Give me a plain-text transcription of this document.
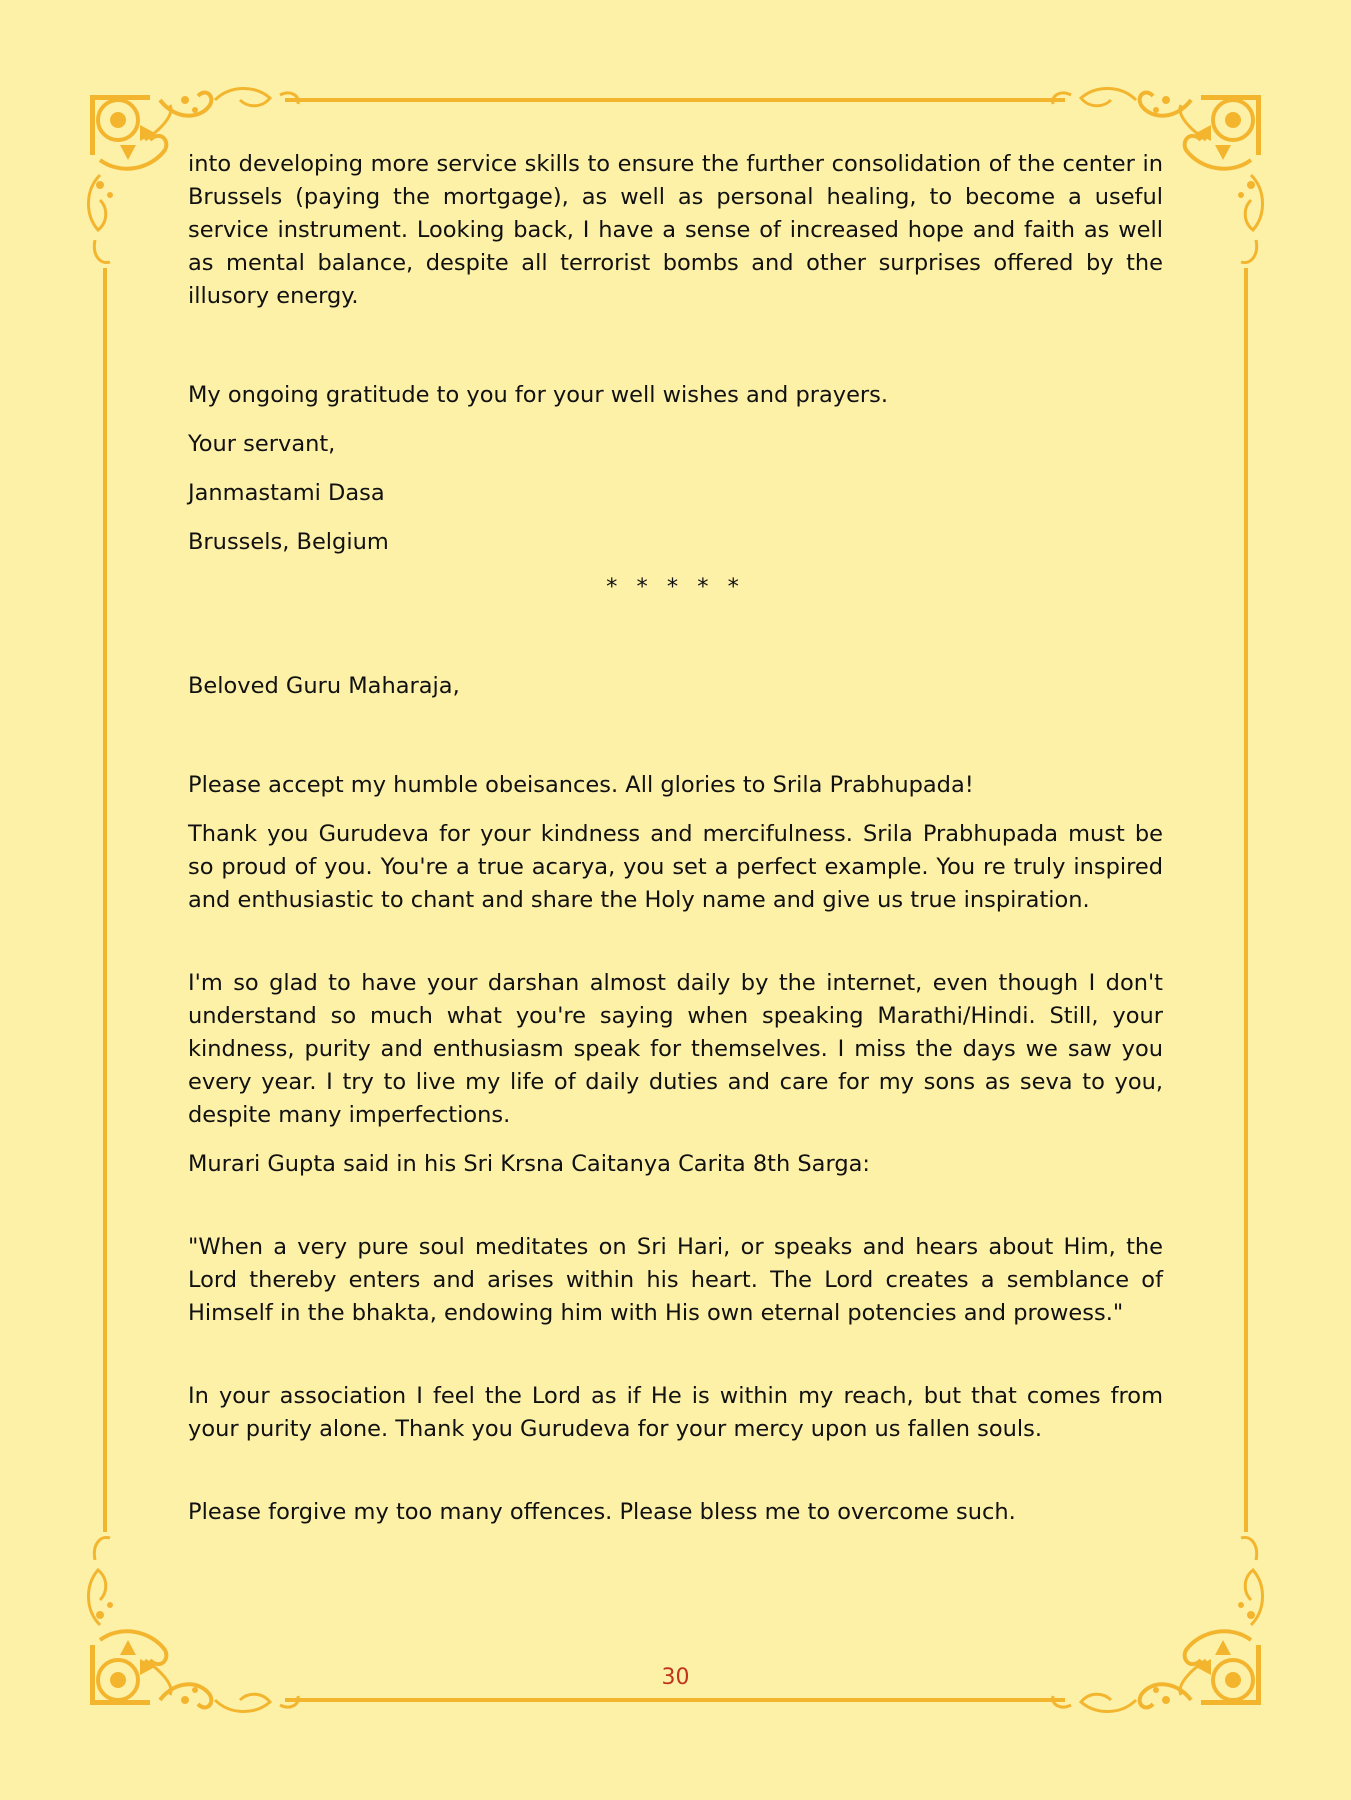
into developing more service skills to ensure the further consolidation of the center in Brussels (paying the mortgage), as well as personal healing, to become a useful service instrument. Looking back, I have a sense of increased hope and faith as well as mental balance, despite all terrorist bombs and other surprises offered by the illusory energy.

My ongoing gratitude to you for your well wishes and prayers.

Your servant,

Janmastami Dasa

Brussels, Belgium

* * * * *

Beloved Guru Maharaja,

Please accept my humble obeisances. All glories to Srila Prabhupada!

Thank you Gurudeva for your kindness and mercifulness. Srila Prabhupada must be so proud of you. You're a true acarya, you set a perfect example. You re truly inspired and enthusiastic to chant and share the Holy name and give us true inspiration.

I'm so glad to have your darshan almost daily by the internet, even though I don't understand so much what you're saying when speaking Marathi/Hindi. Still, your kindness, purity and enthusiasm speak for themselves. I miss the days we saw you every year. I try to live my life of daily duties and care for my sons as seva to you, despite many imperfections.

Murari Gupta said in his Sri Krsna Caitanya Carita 8th Sarga:

"When a very pure soul meditates on Sri Hari, or speaks and hears about Him, the Lord thereby enters and arises within his heart. The Lord creates a semblance of Himself in the bhakta, endowing him with His own eternal potencies and prowess."

In your association I feel the Lord as if He is within my reach, but that comes from your purity alone. Thank you Gurudeva for your mercy upon us fallen souls.

Please forgive my too many offences. Please bless me to overcome such.

30
